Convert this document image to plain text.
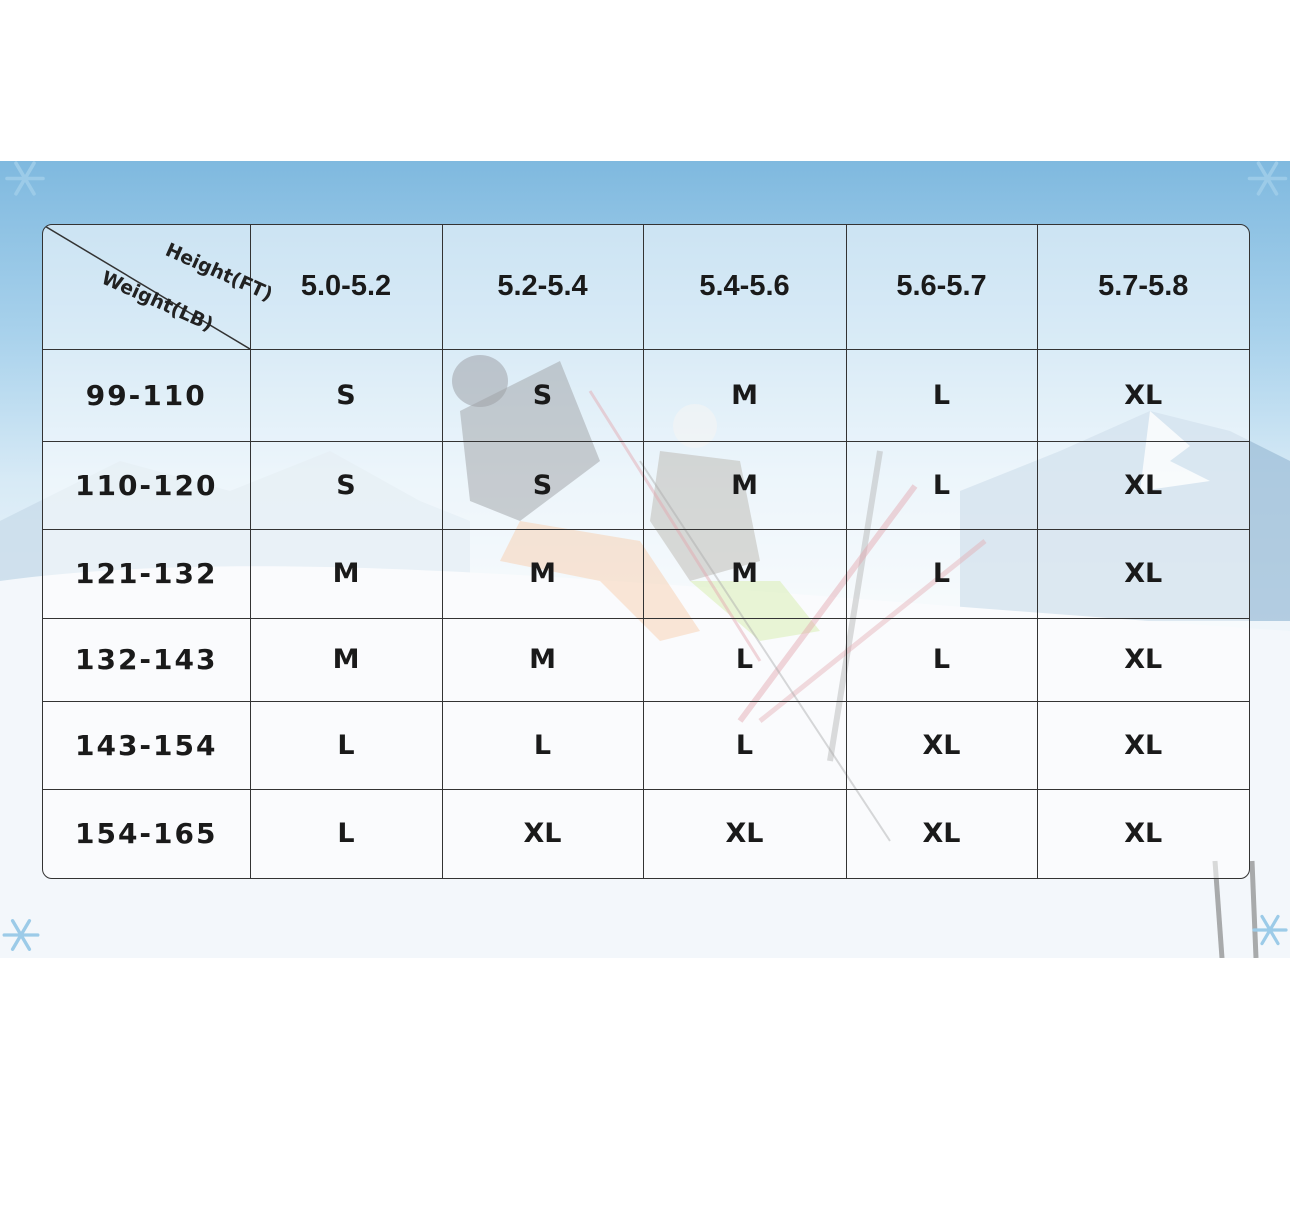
Height(FT)
Weight(LB)	5.0-5.2	5.2-5.4	5.4-5.6	5.6-5.7	5.7-5.8
99-110	S	S	M	L	XL
110-120	S	S	M	L	XL
121-132	M	M	M	L	XL
132-143	M	M	L	L	XL
143-154	L	L	L	XL	XL
154-165	L	XL	XL	XL	XL
